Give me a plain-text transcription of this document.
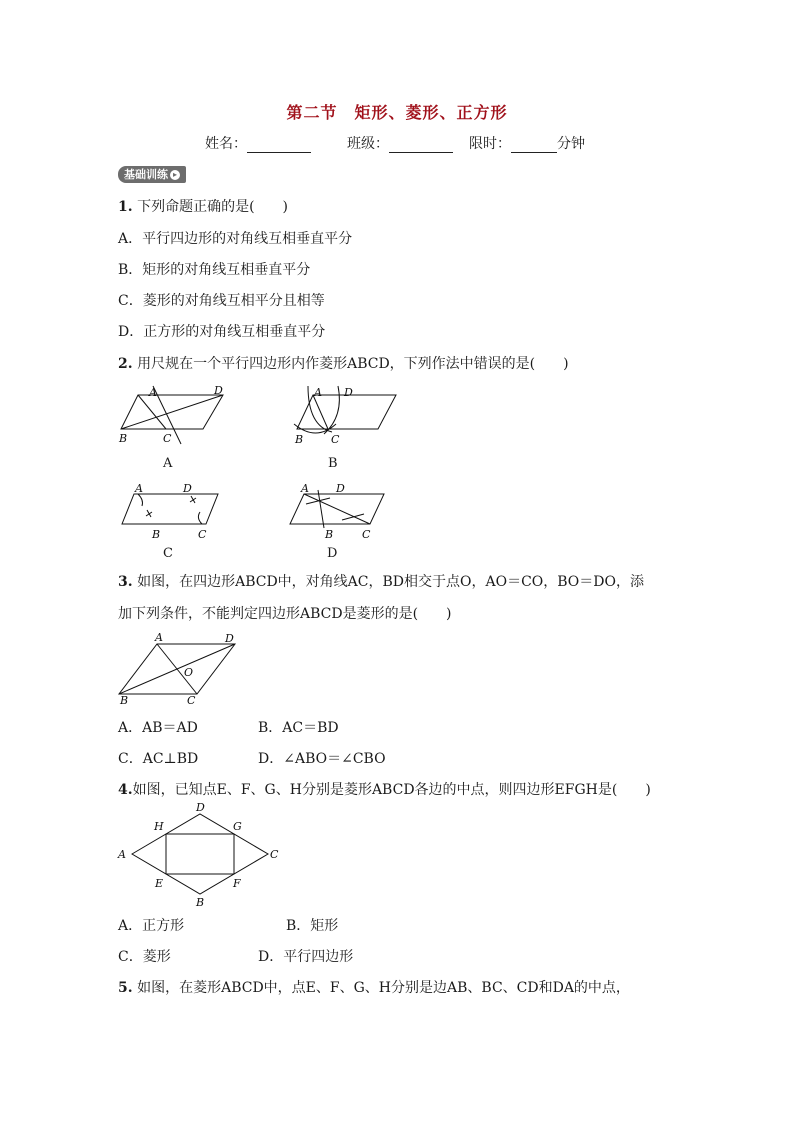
第二节　矩形、菱形、正方形
姓名：	班级：	限时：	分钟
基础训练 ▸
1. 下列命题正确的是(　　)
A．平行四边形的对角线互相垂直平分
B．矩形的对角线互相垂直平分
C．菱形的对角线互相平分且相等
D．正方形的对角线互相垂直平分
2. 用尺规在一个平行四边形内作菱形ABCD，下列作法中错误的是(　　)
A	D
B	C
A
A D
B	C
B
A	D
B	C
C
A D
B	C
D
3. 如图，在四边形ABCD中，对角线AC，BD相交于点O，AO＝CO，BO＝DO，添
加下列条件，不能判定四边形ABCD是菱形的是(　　)
A	D
B	C
O
A．AB＝AD	B．AC＝BD
C．AC⊥BD	D．∠ABO＝∠CBO
4.如图，已知点E、F、G、H分别是菱形ABCD各边的中点，则四边形EFGH是(　　)
D
A	C
B
H	G
E	F
A．正方形	B．矩形
C．菱形	D．平行四边形
5. 如图，在菱形ABCD中，点E、F、G、H分别是边AB、BC、CD和DA的中点，
